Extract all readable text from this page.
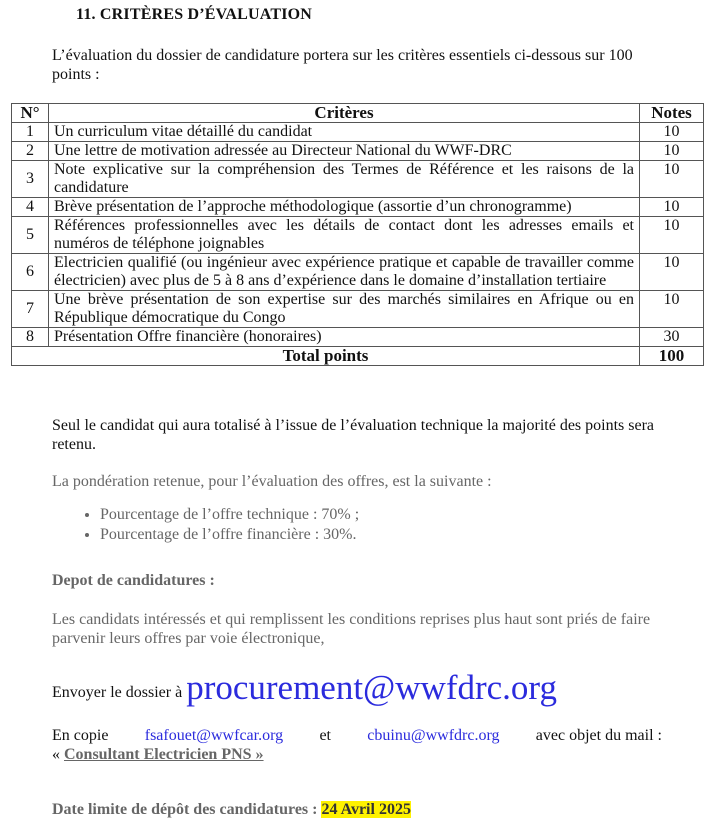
11. CRITÈRES D’ÉVALUATION
L’évaluation du dossier de candidature portera sur les critères essentiels ci-dessous sur 100 points :
N°	Critères	Notes
1	Un curriculum vitae détaillé du candidat	10
2	Une lettre de motivation adressée au Directeur National du WWF-DRC	10
3	Note explicative sur la compréhension des Termes de Référence et les raisons de la candidature	10
4	Brève présentation de l’approche méthodologique (assortie d’un chronogramme)	10
5	Références professionnelles avec les détails de contact dont les adresses emails et numéros de téléphone joignables	10
6	Electricien qualifié (ou ingénieur avec expérience pratique et capable de travailler comme électricien) avec plus de 5 à 8 ans d’expérience dans le domaine d’installation tertiaire	10
7	Une brève présentation de son expertise sur des marchés similaires en Afrique ou en République démocratique du Congo	10
8	Présentation Offre financière (honoraires)	30
Total points		100
Seul le candidat qui aura totalisé à l’issue de l’évaluation technique la majorité des points sera retenu.
La pondération retenue, pour l’évaluation des offres, est la suivante :
• Pourcentage de l’offre technique : 70% ;
• Pourcentage de l’offre financière : 30%.
Depot de candidatures :
Les candidats intéressés et qui remplissent les conditions reprises plus haut sont priés de faire parvenir leurs offres par voie électronique,
Envoyer le dossier à procurement@wwfdrc.org
En copie fsafouet@wwfcar.org et cbuinu@wwfdrc.org avec objet du mail :
« Consultant Electricien PNS »
Date limite de dépôt des candidatures : 24 Avril 2025
